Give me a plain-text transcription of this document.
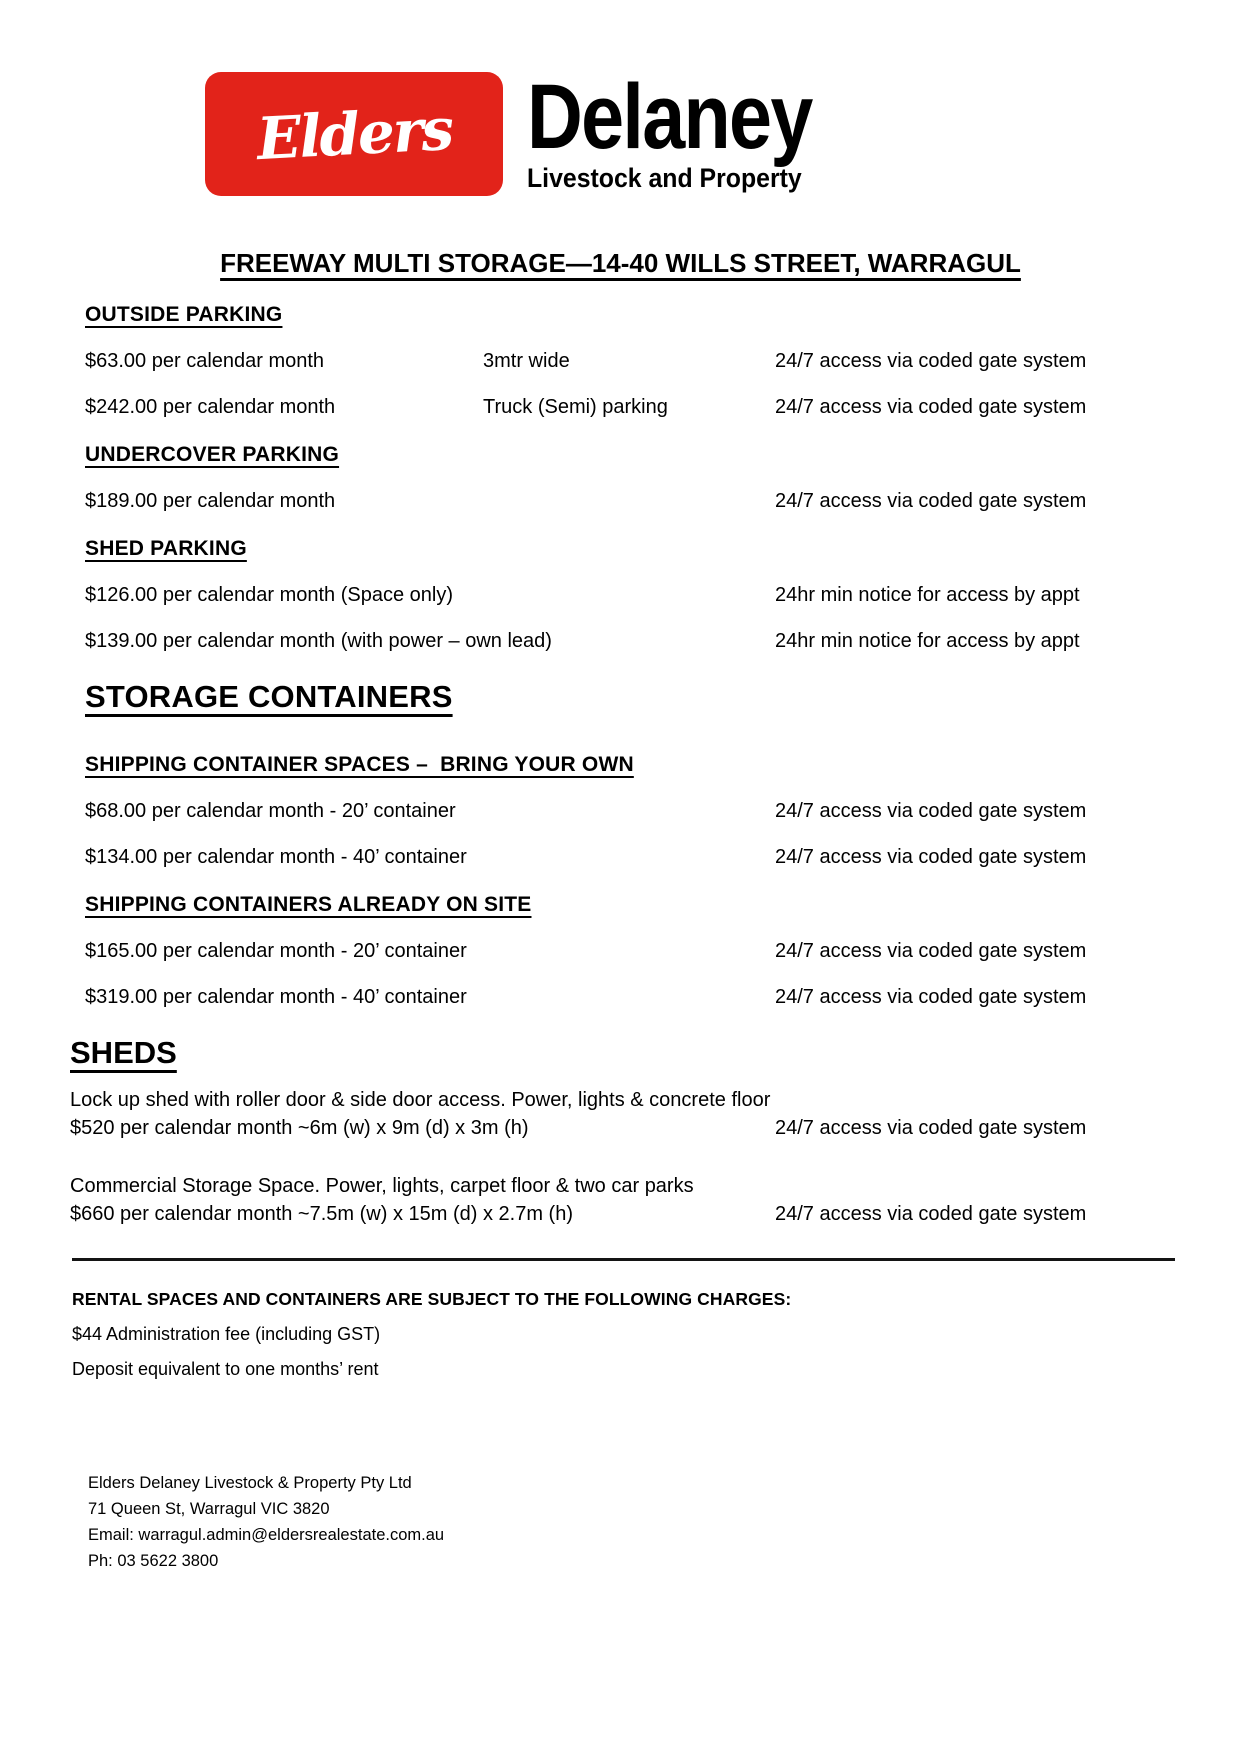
Elders Delaney
Livestock and Property
FREEWAY MULTI STORAGE—14-40 WILLS STREET, WARRAGUL
OUTSIDE PARKING
$63.00 per calendar month	3mtr wide	24/7 access via coded gate system
$242.00 per calendar month	Truck (Semi) parking	24/7 access via coded gate system
UNDERCOVER PARKING
$189.00 per calendar month	24/7 access via coded gate system
SHED PARKING
$126.00 per calendar month (Space only)	24hr min notice for access by appt
$139.00 per calendar month (with power – own lead)	24hr min notice for access by appt
STORAGE CONTAINERS
SHIPPING CONTAINER SPACES –  BRING YOUR OWN
$68.00 per calendar month - 20’ container	24/7 access via coded gate system
$134.00 per calendar month - 40’ container	24/7 access via coded gate system
SHIPPING CONTAINERS ALREADY ON SITE
$165.00 per calendar month - 20’ container	24/7 access via coded gate system
$319.00 per calendar month - 40’ container	24/7 access via coded gate system
SHEDS
Lock up shed with roller door & side door access. Power, lights & concrete floor
$520 per calendar month ~6m (w) x 9m (d) x 3m (h)	24/7 access via coded gate system
Commercial Storage Space. Power, lights, carpet floor & two car parks
$660 per calendar month ~7.5m (w) x 15m (d) x 2.7m (h)	24/7 access via coded gate system
RENTAL SPACES AND CONTAINERS ARE SUBJECT TO THE FOLLOWING CHARGES:
$44 Administration fee (including GST)
Deposit equivalent to one months’ rent
Elders Delaney Livestock & Property Pty Ltd
71 Queen St, Warragul VIC 3820
Email: warragul.admin@eldersrealestate.com.au
Ph: 03 5622 3800
